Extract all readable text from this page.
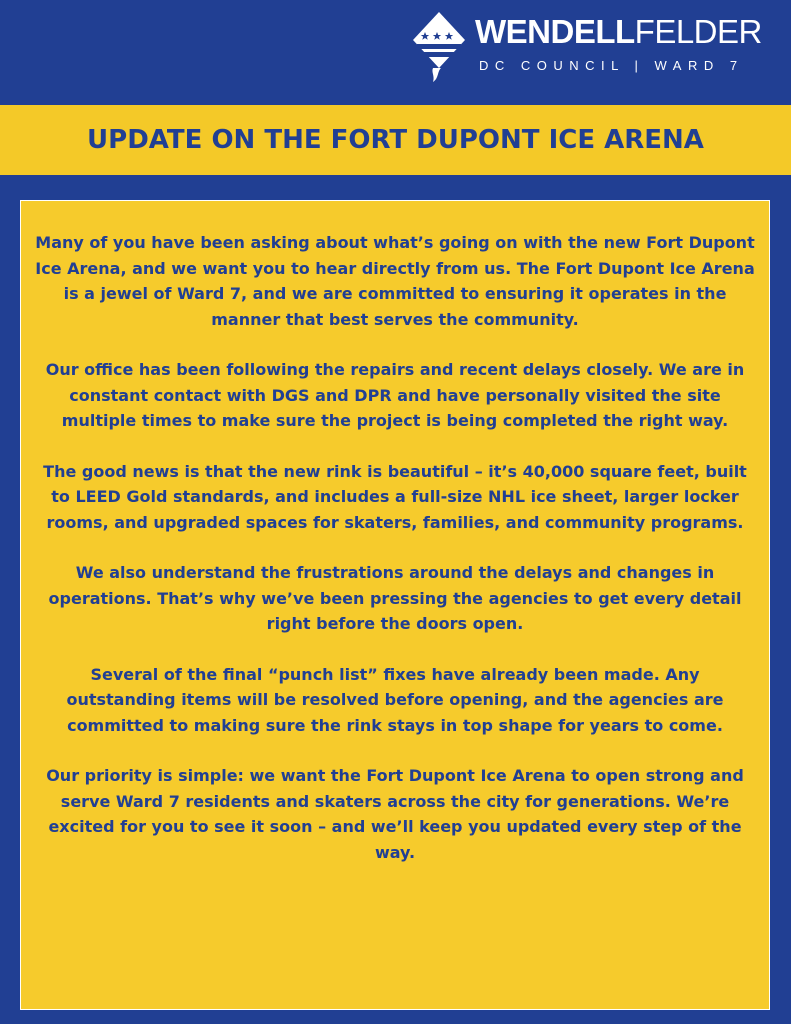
WENDELLFELDER
DC COUNCIL | WARD 7
UPDATE ON THE FORT DUPONT ICE ARENA

Many of you have been asking about what’s going on with the new Fort Dupont Ice Arena, and we want you to hear directly from us. The Fort Dupont Ice Arena is a jewel of Ward 7, and we are committed to ensuring it operates in the manner that best serves the community.

Our office has been following the repairs and recent delays closely. We are in constant contact with DGS and DPR and have personally visited the site multiple times to make sure the project is being completed the right way.

The good news is that the new rink is beautiful – it’s 40,000 square feet, built to LEED Gold standards, and includes a full-size NHL ice sheet, larger locker rooms, and upgraded spaces for skaters, families, and community programs.

We also understand the frustrations around the delays and changes in operations. That’s why we’ve been pressing the agencies to get every detail right before the doors open.

Several of the final “punch list” fixes have already been made. Any outstanding items will be resolved before opening, and the agencies are committed to making sure the rink stays in top shape for years to come.

Our priority is simple: we want the Fort Dupont Ice Arena to open strong and serve Ward 7 residents and skaters across the city for generations. We’re excited for you to see it soon – and we’ll keep you updated every step of the way.
